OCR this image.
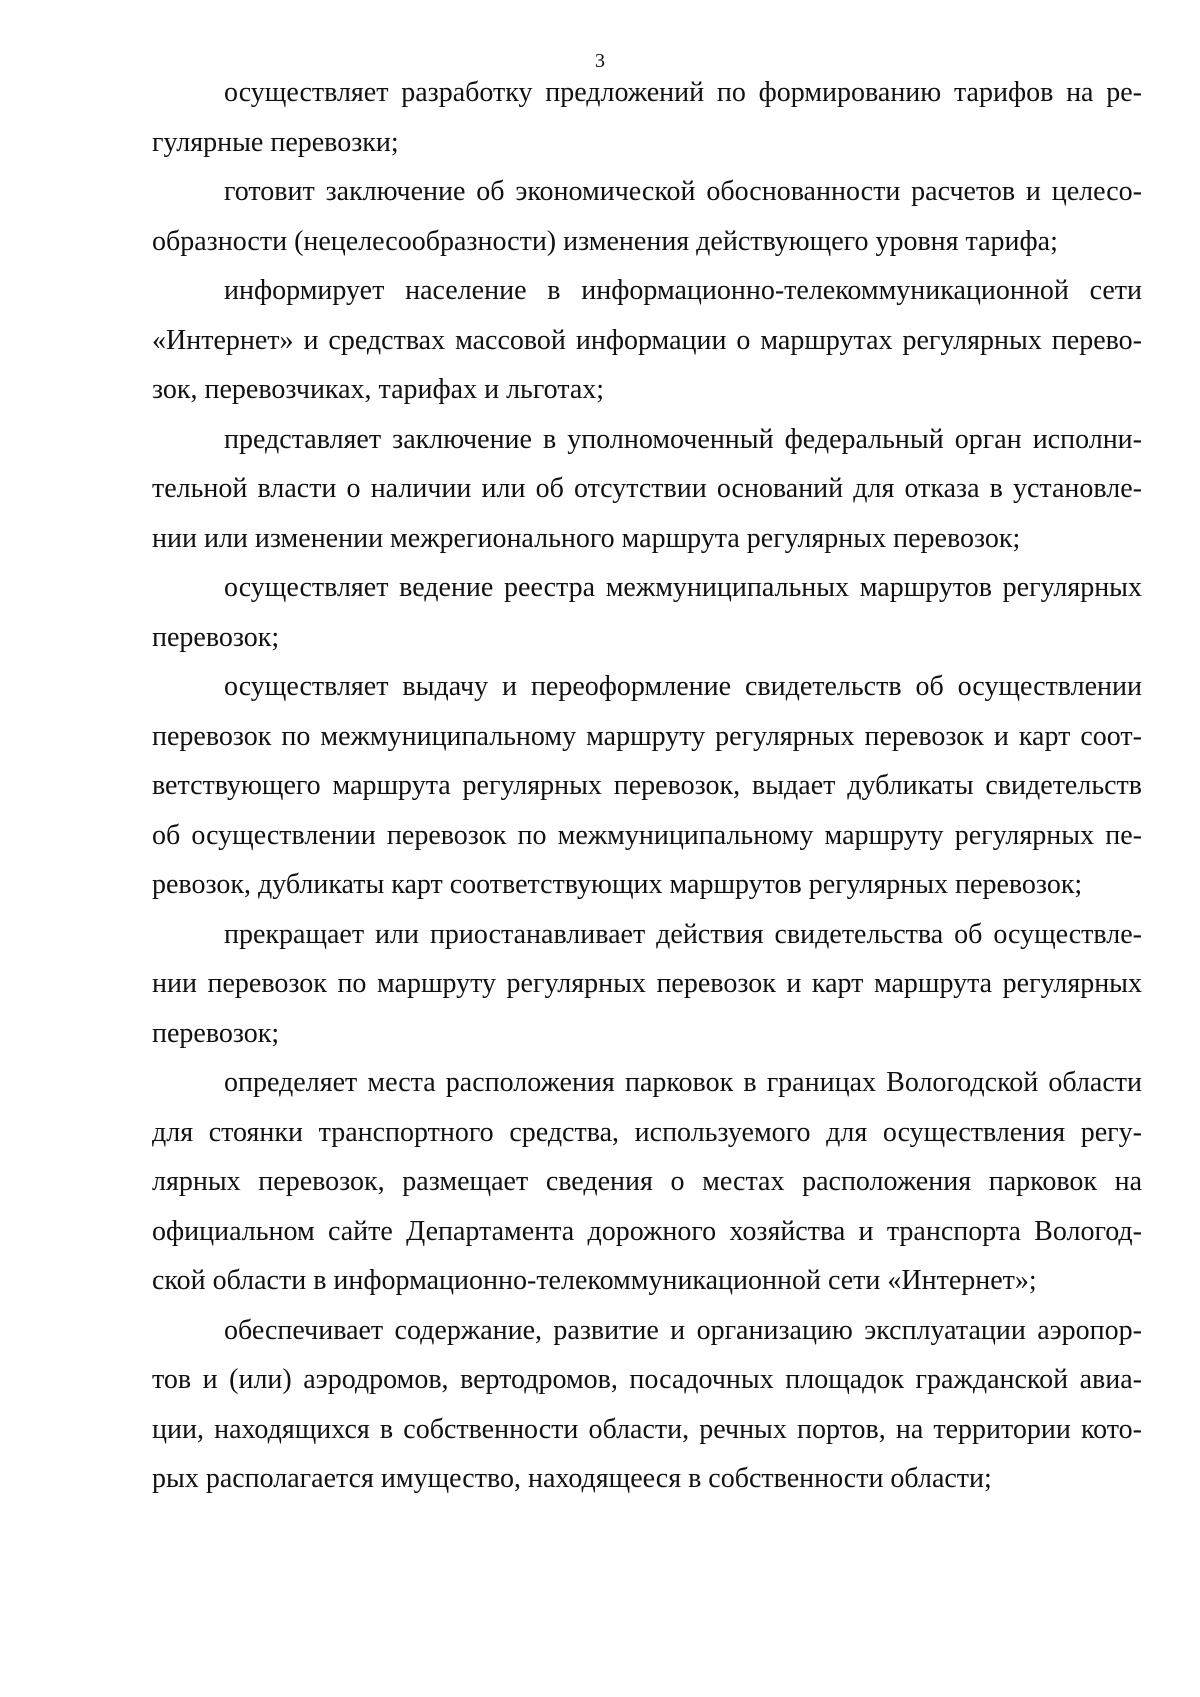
3

осуществляет разработку предложений по формированию тарифов на регулярные перевозки;

готовит заключение об экономической обоснованности расчетов и целесообразности (нецелесообразности) изменения действующего уровня тарифа;

информирует население в информационно-телекоммуникационной сети «Интернет» и средствах массовой информации о маршрутах регулярных перевозок, перевозчиках, тарифах и льготах;

представляет заключение в уполномоченный федеральный орган исполнительной власти о наличии или об отсутствии оснований для отказа в установлении или изменении межрегионального маршрута регулярных перевозок;

осуществляет ведение реестра межмуниципальных маршрутов регулярных перевозок;

осуществляет выдачу и переоформление свидетельств об осуществлении перевозок по межмуниципальному маршруту регулярных перевозок и карт соответствующего маршрута регулярных перевозок, выдает дубликаты свидетельств об осуществлении перевозок по межмуниципальному маршруту регулярных перевозок, дубликаты карт соответствующих маршрутов регулярных перевозок;

прекращает или приостанавливает действия свидетельства об осуществлении перевозок по маршруту регулярных перевозок и карт маршрута регулярных перевозок;

определяет места расположения парковок в границах Вологодской области для стоянки транспортного средства, используемого для осуществления регулярных перевозок, размещает сведения о местах расположения парковок на официальном сайте Департамента дорожного хозяйства и транспорта Вологодской области в информационно-телекоммуникационной сети «Интернет»;

обеспечивает содержание, развитие и организацию эксплуатации аэропортов и (или) аэродромов, вертодромов, посадочных площадок гражданской авиации, находящихся в собственности области, речных портов, на территории которых располагается имущество, находящееся в собственности области;
